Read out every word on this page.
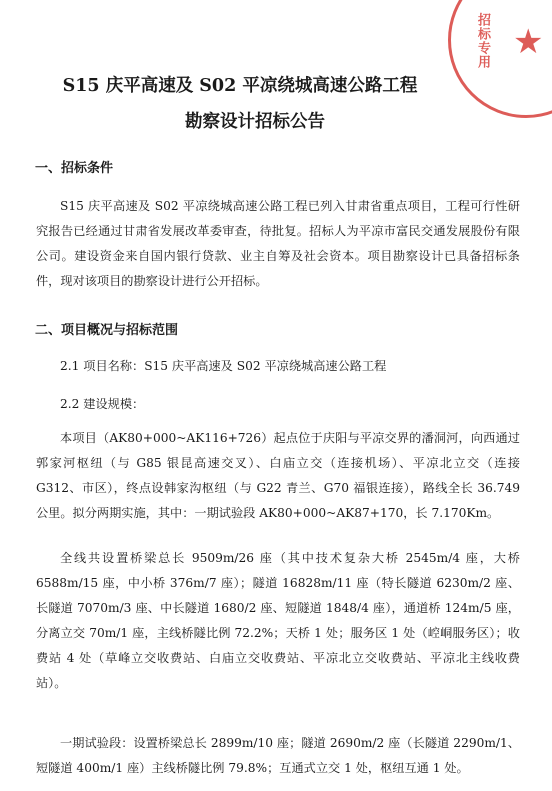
★
招标专用
S15 庆平高速及 S02 平凉绕城高速公路工程
勘察设计招标公告
一、招标条件

S15 庆平高速及 S02 平凉绕城高速公路工程已列入甘肃省重点项目，工程可行性研究报告已经通过甘肃省发展改革委审查，待批复。招标人为平凉市富民交通发展股份有限公司。建设资金来自国内银行贷款、业主自筹及社会资本。项目勘察设计已具备招标条件，现对该项目的勘察设计进行公开招标。

二、项目概况与招标范围
2.1 项目名称：S15 庆平高速及 S02 平凉绕城高速公路工程
2.2 建设规模：

本项目（AK80+000~AK116+726）起点位于庆阳与平凉交界的潘洞河，向西通过郭家河枢纽（与 G85 银昆高速交叉）、白庙立交（连接机场）、平凉北立交（连接 G312、市区），终点设韩家沟枢纽（与 G22 青兰、G70 福银连接），路线全长 36.749 公里。拟分两期实施，其中：一期试验段 AK80+000~AK87+170，长 7.170Km。

全线共设置桥梁总长 9509m/26 座（其中技术复杂大桥 2545m/4 座，大桥 6588m/15 座，中小桥 376m/7 座）；隧道 16828m/11 座（特长隧道 6230m/2 座、长隧道 7070m/3 座、中长隧道 1680/2 座、短隧道 1848/4 座），通道桥 124m/5 座，分离立交 70m/1 座，主线桥隧比例 72.2%；天桥 1 处；服务区 1 处（崆峒服务区）；收费站 4 处（草峰立交收费站、白庙立交收费站、平凉北立交收费站、平凉北主线收费站）。

一期试验段：设置桥梁总长 2899m/10 座；隧道 2690m/2 座（长隧道 2290m/1、短隧道 400m/1 座）主线桥隧比例 79.8%；互通式立交 1 处，枢纽互通 1 处。
